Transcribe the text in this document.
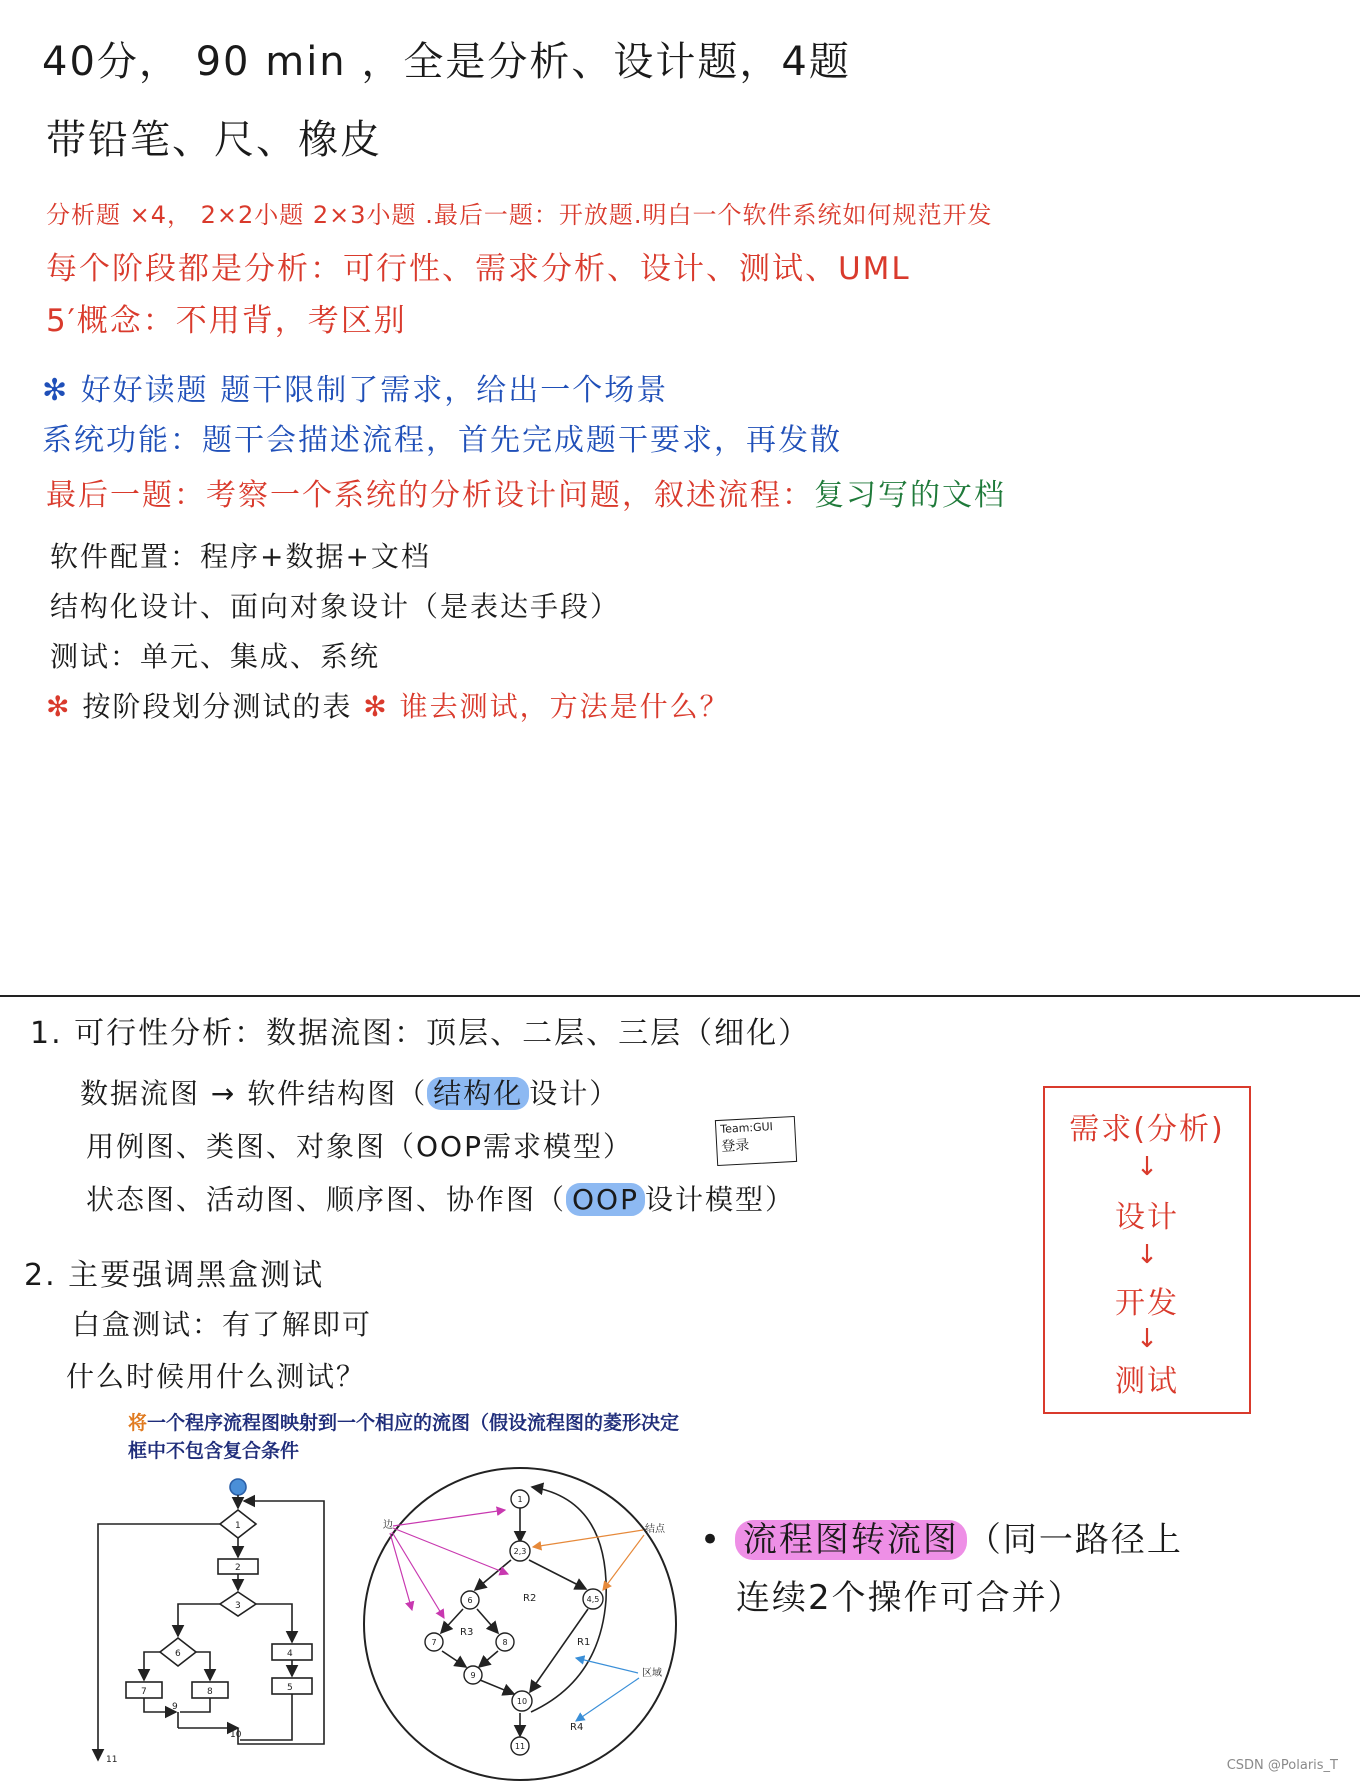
40分， 90 min ，全是分析、设计题，4题
带铅笔、尺、橡皮
分析题 ×4， 2×2小题 2×3小题 .最后一题：开放题.明白一个软件系统如何规范开发
每个阶段都是分析：可行性、需求分析、设计、测试、UML
5′概念：不用背，考区别
✻ 好好读题 题干限制了需求，给出一个场景
系统功能：题干会描述流程，首先完成题干要求，再发散
最后一题：考察一个系统的分析设计问题，叙述流程：复习写的文档
软件配置：程序+数据+文档
结构化设计、面向对象设计（是表达手段）
测试：单元、集成、系统
✻ 按阶段划分测试的表 ✻ 谁去测试，方法是什么？
1. 可行性分析：数据流图：顶层、二层、三层（细化）
数据流图 → 软件结构图（ 结构化 设计）
用例图、类图、对象图（OOP需求模型）
Team:GUI
登录
状态图、活动图、顺序图、协作图（ OOP 设计模型）
2. 主要强调黑盒测试
白盒测试：有了解即可
什么时候用什么测试？
需求(分析)
↓
设计
↓
开发
↓
测试
将一个程序流程图映射到一个相应的流图（假设流程图的菱形决定框中不包含复合条件
1
2
3
4
5
6
7	8
9
10
11
1
2,3
4,5
6
7	8
9
10
11
边	结点
区域
R1
R2
R3
R4
• 流程图转流图 （同一路径上
连续2个操作可合并）
CSDN @Polaris_T
